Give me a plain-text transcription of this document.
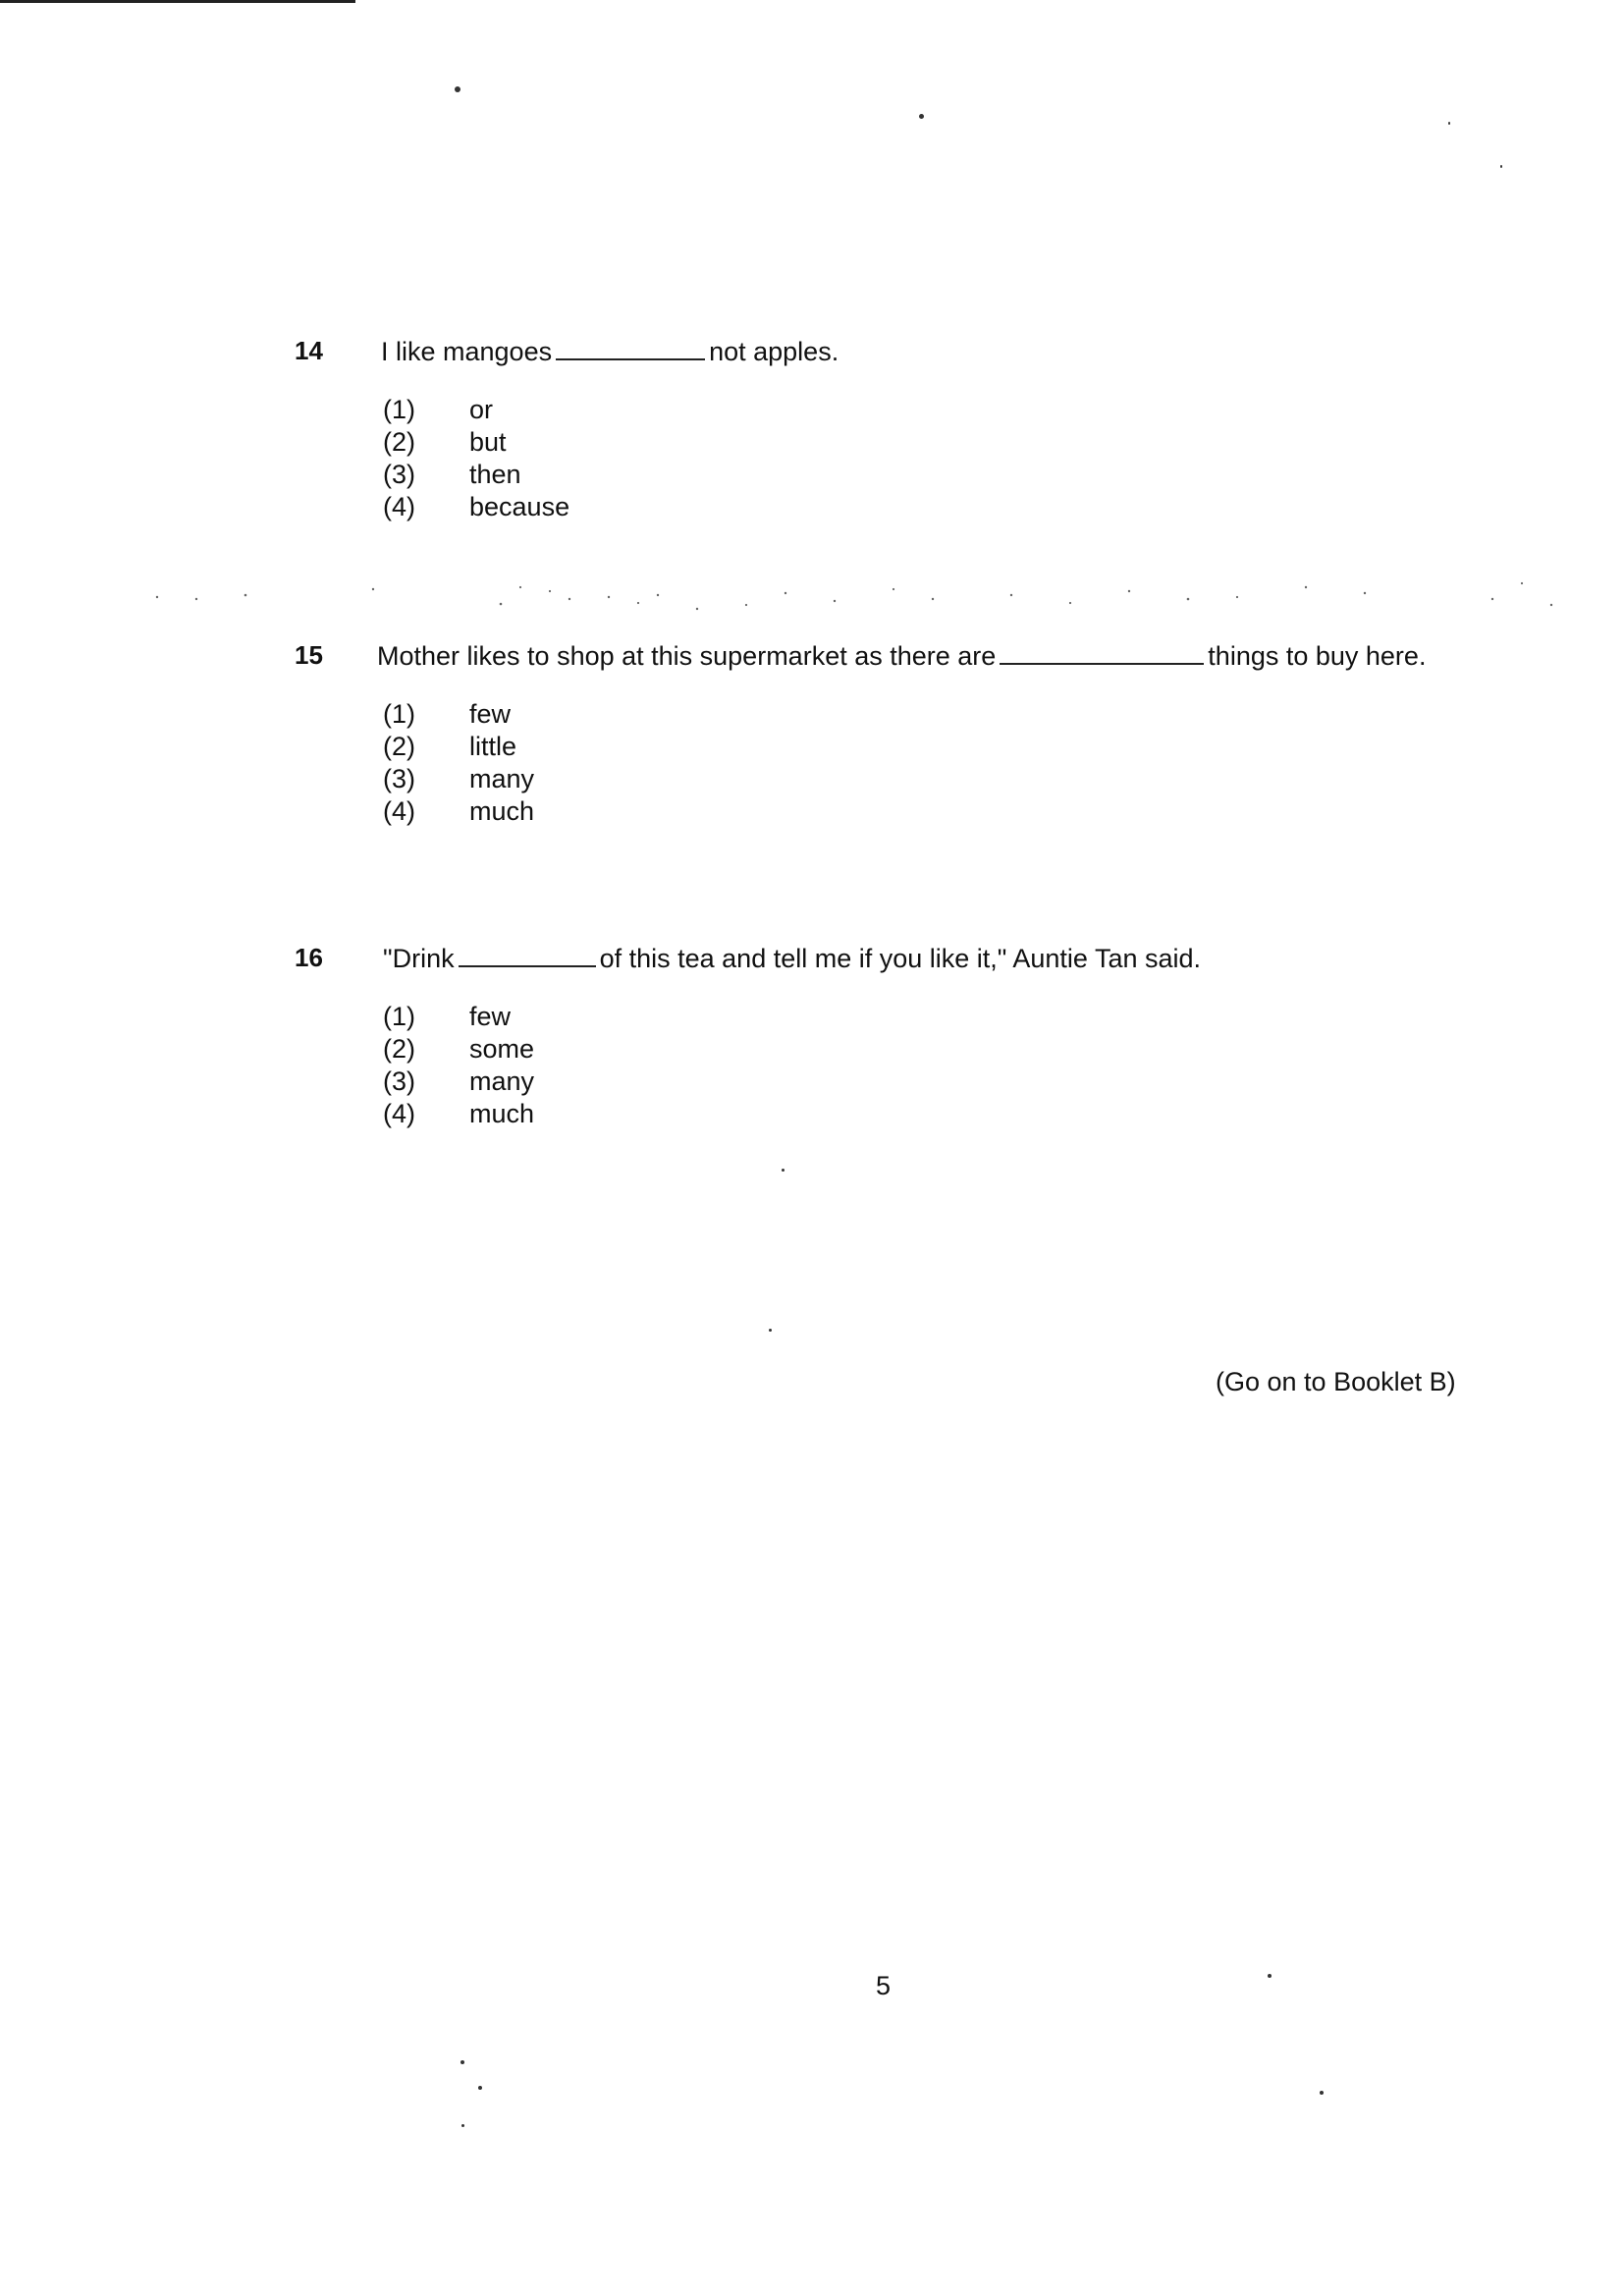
14 I like mangoes	not apples.
(1) or
(2) but
(3) then
(4) because
15 Mother likes to shop at this supermarket as there are	things to buy here.
(1) few
(2) little
(3) many
(4) much
16 "Drink	of this tea and tell me if you like it," Auntie Tan said.
(1) few
(2) some
(3) many
(4) much
(Go on to Booklet B)
5
